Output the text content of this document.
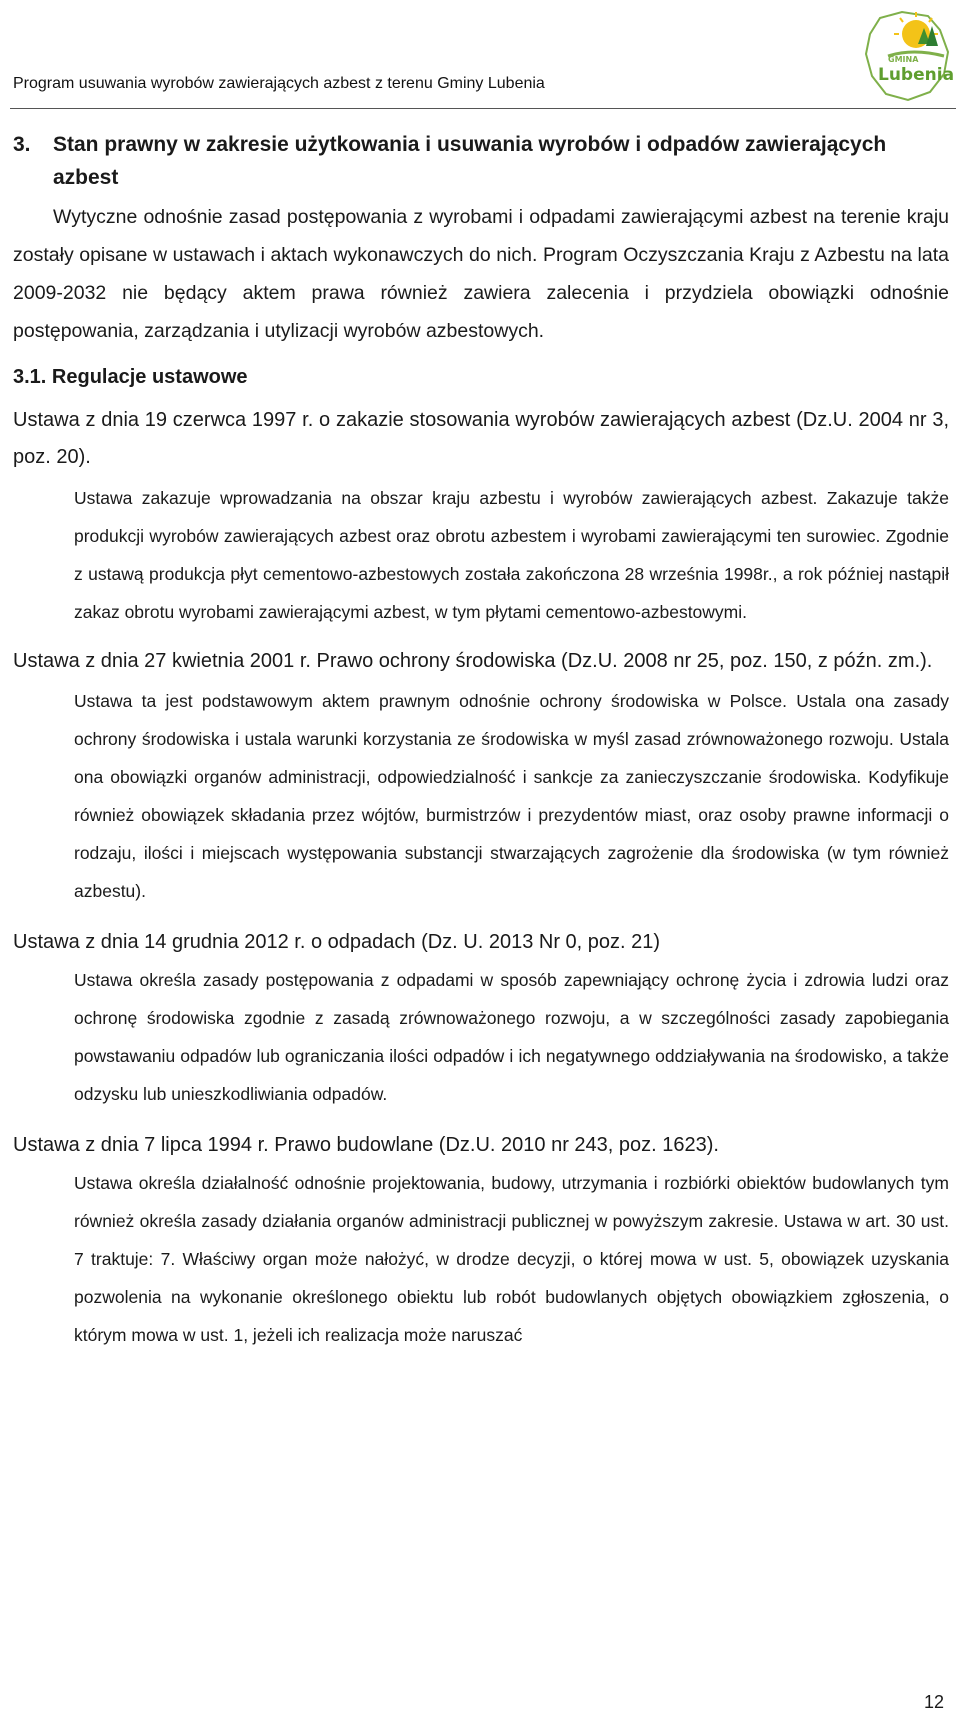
Program usuwania wyrobów zawierających azbest z terenu Gminy Lubenia
GMINA
Lubenia
3.	Stan prawny w zakresie użytkowania i usuwania wyrobów i odpadów zawierających azbest

Wytyczne odnośnie zasad postępowania z wyrobami i odpadami zawierającymi azbest na terenie kraju zostały opisane w ustawach i aktach wykonawczych do nich. Program Oczyszczania Kraju z Azbestu na lata 2009-2032 nie będący aktem prawa również zawiera zalecenia i przydziela obowiązki odnośnie postępowania, zarządzania i utylizacji wyrobów azbestowych.

3.1. Regulacje ustawowe
Ustawa z dnia 19 czerwca 1997 r. o zakazie stosowania wyrobów zawierających azbest (Dz.U. 2004 nr 3, poz. 20).
Ustawa zakazuje wprowadzania na obszar kraju azbestu i wyrobów zawierających azbest. Zakazuje także produkcji wyrobów zawierających azbest oraz obrotu azbestem i wyrobami zawierającymi ten surowiec. Zgodnie z ustawą produkcja płyt cementowo-azbestowych została zakończona 28 września 1998r., a rok później nastąpił zakaz obrotu wyrobami zawierającymi azbest, w tym płytami cementowo-azbestowymi.
Ustawa z dnia 27 kwietnia 2001 r. Prawo ochrony środowiska (Dz.U. 2008 nr 25, poz. 150, z późn. zm.).
Ustawa ta jest podstawowym aktem prawnym odnośnie ochrony środowiska w Polsce. Ustala ona zasady ochrony środowiska i ustala warunki korzystania ze środowiska w myśl zasad zrównoważonego rozwoju. Ustala ona obowiązki organów administracji, odpowiedzialność i sankcje za zanieczyszczanie środowiska. Kodyfikuje również obowiązek składania przez wójtów, burmistrzów i prezydentów miast, oraz osoby prawne informacji o rodzaju, ilości i miejscach występowania substancji stwarzających zagrożenie dla środowiska (w tym również azbestu).
Ustawa z dnia 14 grudnia 2012 r. o odpadach (Dz. U. 2013 Nr 0, poz. 21)
Ustawa określa zasady postępowania z odpadami w sposób zapewniający ochronę życia i zdrowia ludzi oraz ochronę środowiska zgodnie z zasadą zrównoważonego rozwoju, a w szczególności zasady zapobiegania powstawaniu odpadów lub ograniczania ilości odpadów i ich negatywnego oddziaływania na środowisko, a także odzysku lub unieszkodliwiania odpadów.
Ustawa z dnia 7 lipca 1994 r. Prawo budowlane (Dz.U. 2010 nr 243, poz. 1623).
Ustawa określa działalność odnośnie projektowania, budowy, utrzymania i rozbiórki obiektów budowlanych tym również określa zasady działania organów administracji publicznej w powyższym zakresie. Ustawa w art. 30 ust. 7 traktuje: 7. Właściwy organ może nałożyć, w drodze decyzji, o której mowa w ust. 5, obowiązek uzyskania pozwolenia na wykonanie określonego obiektu lub robót budowlanych objętych obowiązkiem zgłoszenia, o którym mowa w ust. 1, jeżeli ich realizacja może naruszać
12
